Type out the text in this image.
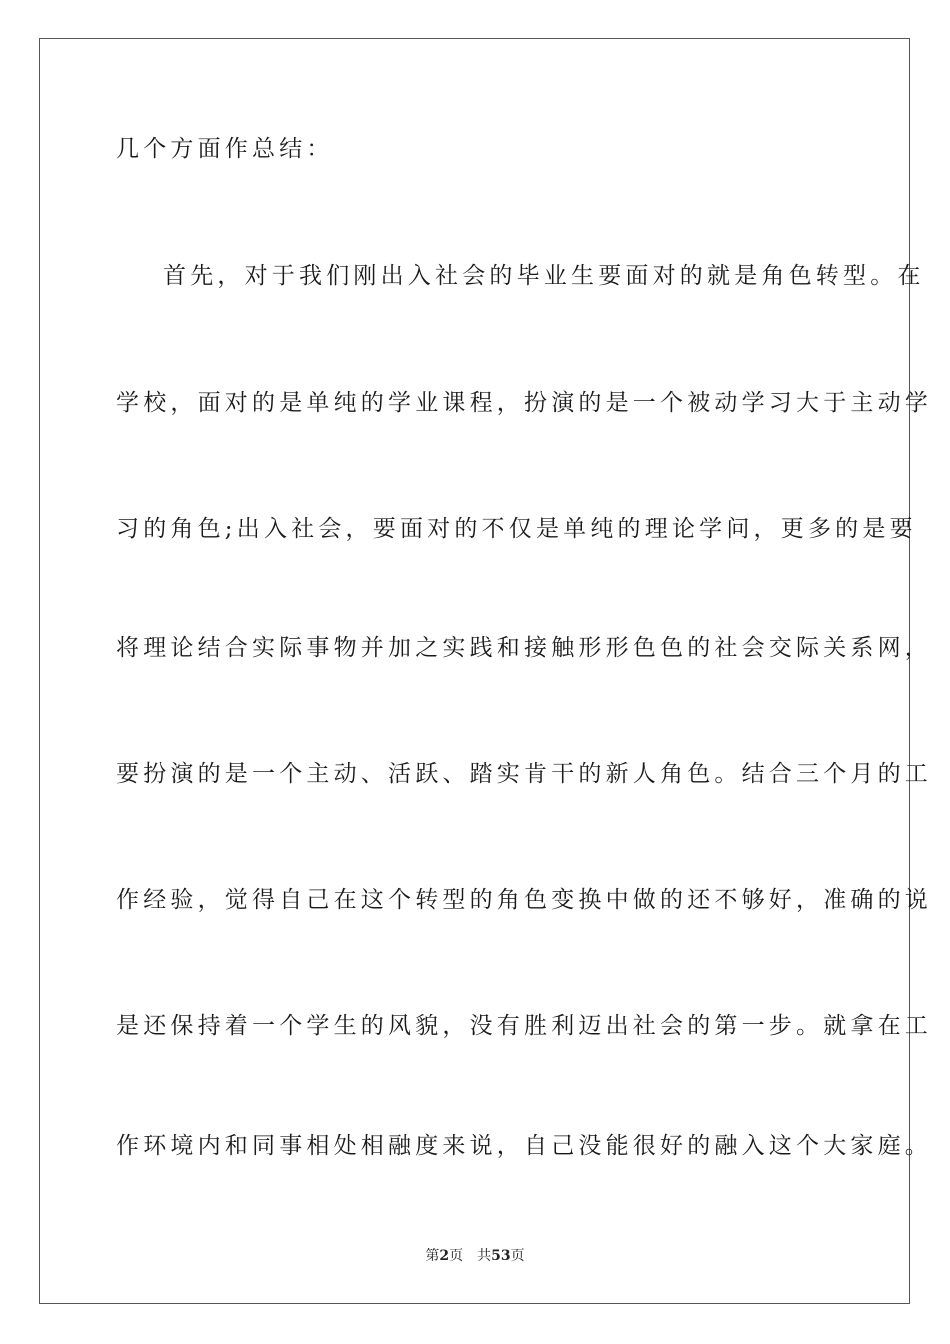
几个方面作总结：

首先，对于我们刚出入社会的毕业生要面对的就是角色转型。在

学校，面对的是单纯的学业课程，扮演的是一个被动学习大于主动学

习的角色;出入社会，要面对的不仅是单纯的理论学问，更多的是要

将理论结合实际事物并加之实践和接触形形色色的社会交际关系网，

要扮演的是一个主动、活跃、踏实肯干的新人角色。结合三个月的工

作经验，觉得自己在这个转型的角色变换中做的还不够好，准确的说

是还保持着一个学生的风貌，没有胜利迈出社会的第一步。就拿在工

作环境内和同事相处相融度来说，自己没能很好的融入这个大家庭。

第2页 共53页
